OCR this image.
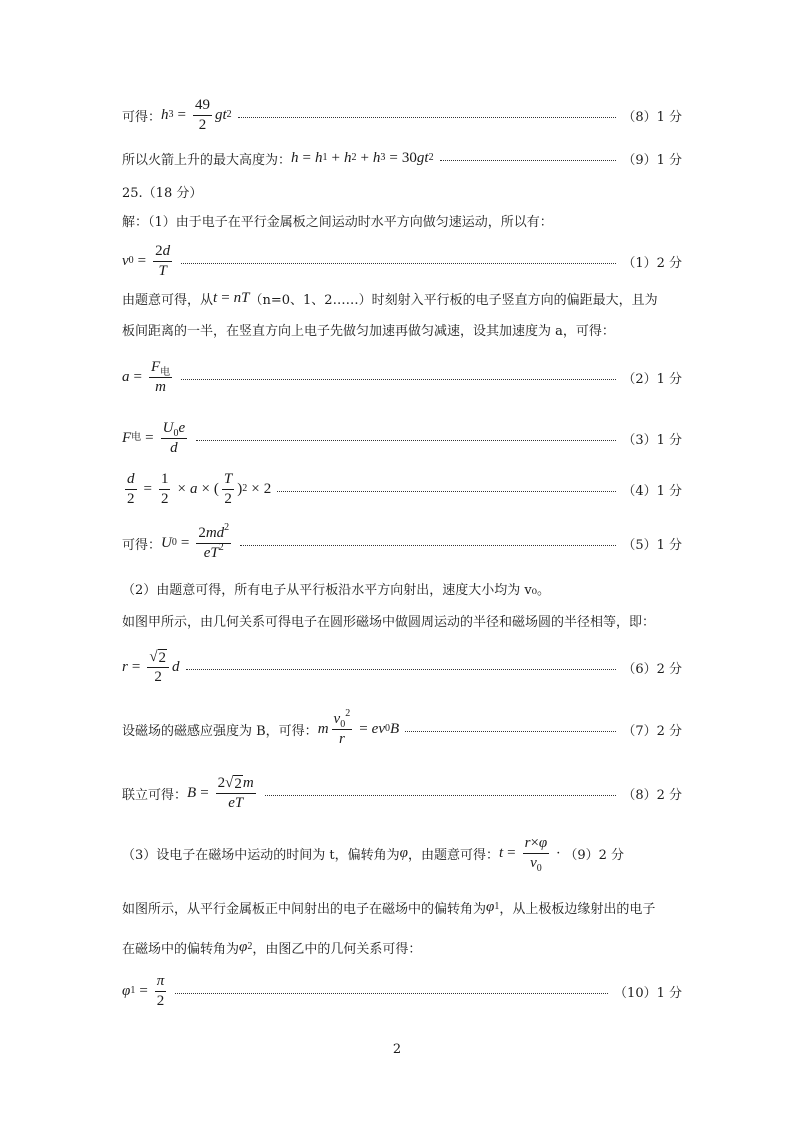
可得： h $3 = \frac{49}{2}$ gt 2	（8）1 分
所以火箭上升的最大高度为： h = h 1 + h 2 + h 3 = 30 gt 2	（9）1 分
25.（18 分）
解：（1）由于电子在平行金属板之间运动时水平方向做匀速运动，所以有：
v $0 = \frac{2d}{T}$	（1）2 分
由题意可得，从 t = nT （n=0、1、2……）时刻射入平行板的电子竖直方向的偏距最大，且为
板间距离的一半，在竖直方向上电子先做匀加速再做匀减速，设其加速度为 a，可得：
$a = \frac{F_电}{m}$	（2）1 分
F 电 = $\frac{U_0e}{d}$	（3）1 分
$\frac{d}{2} = \frac{1}{2} \times a$ × ( $\frac{T}{2}$ ) 2 × 2	（4）1 分
可得： U $0 = \frac{2md^2}{eT^2}$	（5）1 分
（2）由题意可得，所有电子从平行板沿水平方向射出，速度大小均为 v₀。
如图甲所示，由几何关系可得电子在圆形磁场中做圆周运动的半径和磁场圆的半径相等，即：
$r = \frac{√ 2}{2}$ d	（6）2 分
设磁场的磁感应强度为 B，可得： m $\frac{v_0^2}{r}$ = ev 0 B	（7）2 分
联立可得： $B = \frac{2√ 2 m}{eT}$	（8）2 分
（3）设电子在磁场中运动的时间为 t，偏转角为 φ ，由题意可得： $t = \frac{r\times\varphi}{v_0} \cdot (9)2$ 分
如图所示，从平行金属板正中间射出的电子在磁场中的偏转角为 φ 1 ，从上极板边缘射出的电子
在磁场中的偏转角为 φ 2 ，由图乙中的几何关系可得：
φ $1 = \frac{\pi}{2}$	（10）1 分
2
